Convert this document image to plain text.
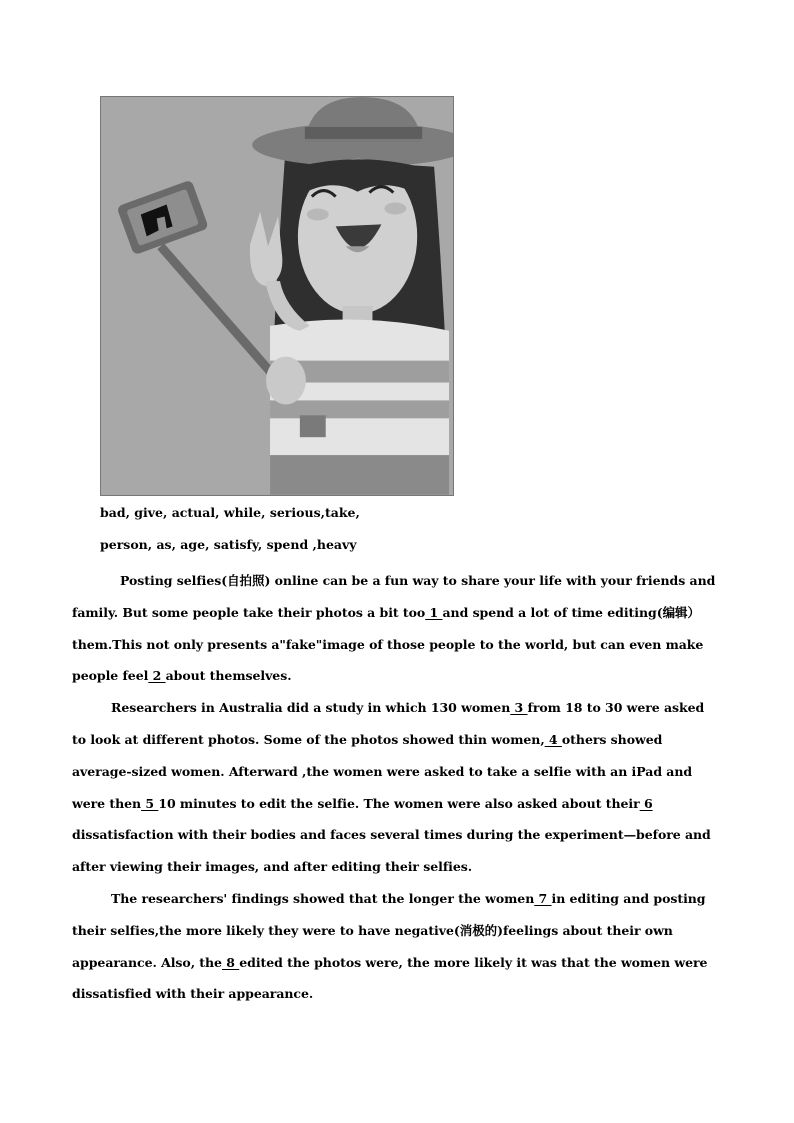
bad, give, actual, while, serious,take,
person, as, age, satisfy, spend ,heavy

Posting selfies(自拍照) online can be a fun way to share your life with your friends and family. But some people take their photos a bit too 1 and spend a lot of time editing(编辑）them.This not only presents a"fake"image of those people to the world, but can even make people feel 2 about themselves.

Researchers in Australia did a study in which 130 women 3 from 18 to 30 were asked to look at different photos. Some of the photos showed thin women, 4 others showed average-sized women. Afterward ,the women were asked to take a selfie with an iPad and were then 5 10 minutes to edit the selfie. The women were also asked about their 6 dissatisfaction with their bodies and faces several times during the experiment—before and after viewing their images, and after editing their selfies.

The researchers' findings showed that the longer the women 7 in editing and posting their selfies,the more likely they were to have negative(消极的)feelings about their own appearance. Also, the 8 edited the photos were, the more likely it was that the women were dissatisfied with their appearance.
